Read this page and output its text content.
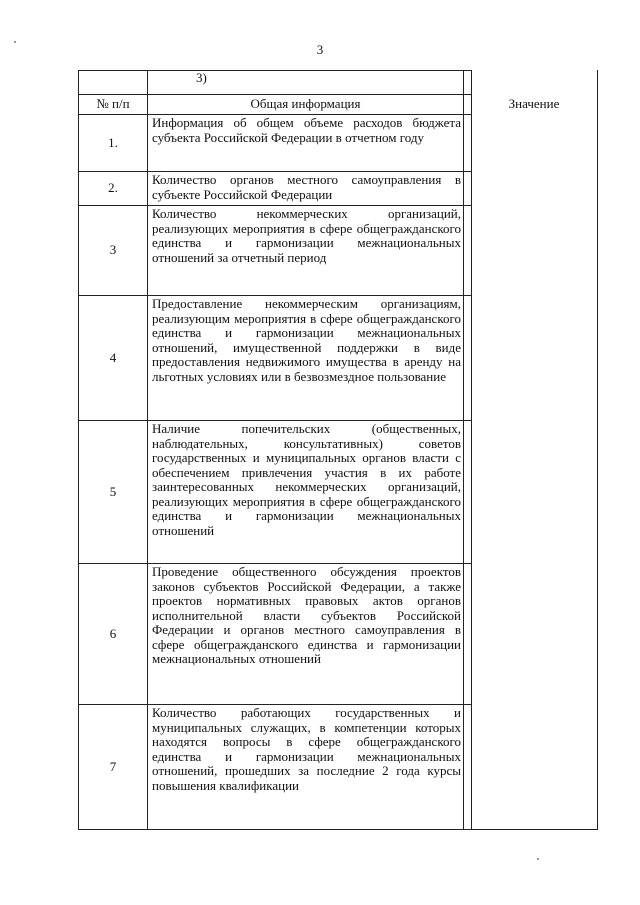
3

№ п/п	Общая информация	
1.	Информация об общем объеме расходов бюджета субъекта Российской Федерации в отчетном году	
2.	Количество органов местного самоуправления в субъекте Российской Федерации	
3	Количество некоммерческих организаций, реализующих мероприятия в сфере общегражданского единства и гармонизации межнациональных отношений за отчетный период	
4	Предоставление некоммерческим организациям, реализующим мероприятия в сфере общегражданского единства и гармонизации межнациональных отношений, имущественной поддержки в виде предоставления недвижимого имущества в аренду на льготных условиях или в безвозмездное пользование	
5	Наличие попечительских (общественных, наблюдательных, консультативных) советов государственных и муниципальных органов власти с обеспечением привлечения участия в их работе заинтересованных некоммерческих организаций, реализующих мероприятия в сфере общегражданского единства и гармонизации межнациональных отношений	
6	Проведение общественного обсуждения проектов законов субъектов Российской Федерации, а также проектов нормативных правовых актов органов исполнительной власти субъектов Российской Федерации и органов местного самоуправления в сфере общегражданского единства и гармонизации межнациональных отношений	
7	Количество работающих государственных и муниципальных служащих, в компетенции которых находятся вопросы в сфере общегражданского единства и гармонизации межнациональных отношений, прошедших за последние 2 года курсы повышения квалификации	
3)
Значение
